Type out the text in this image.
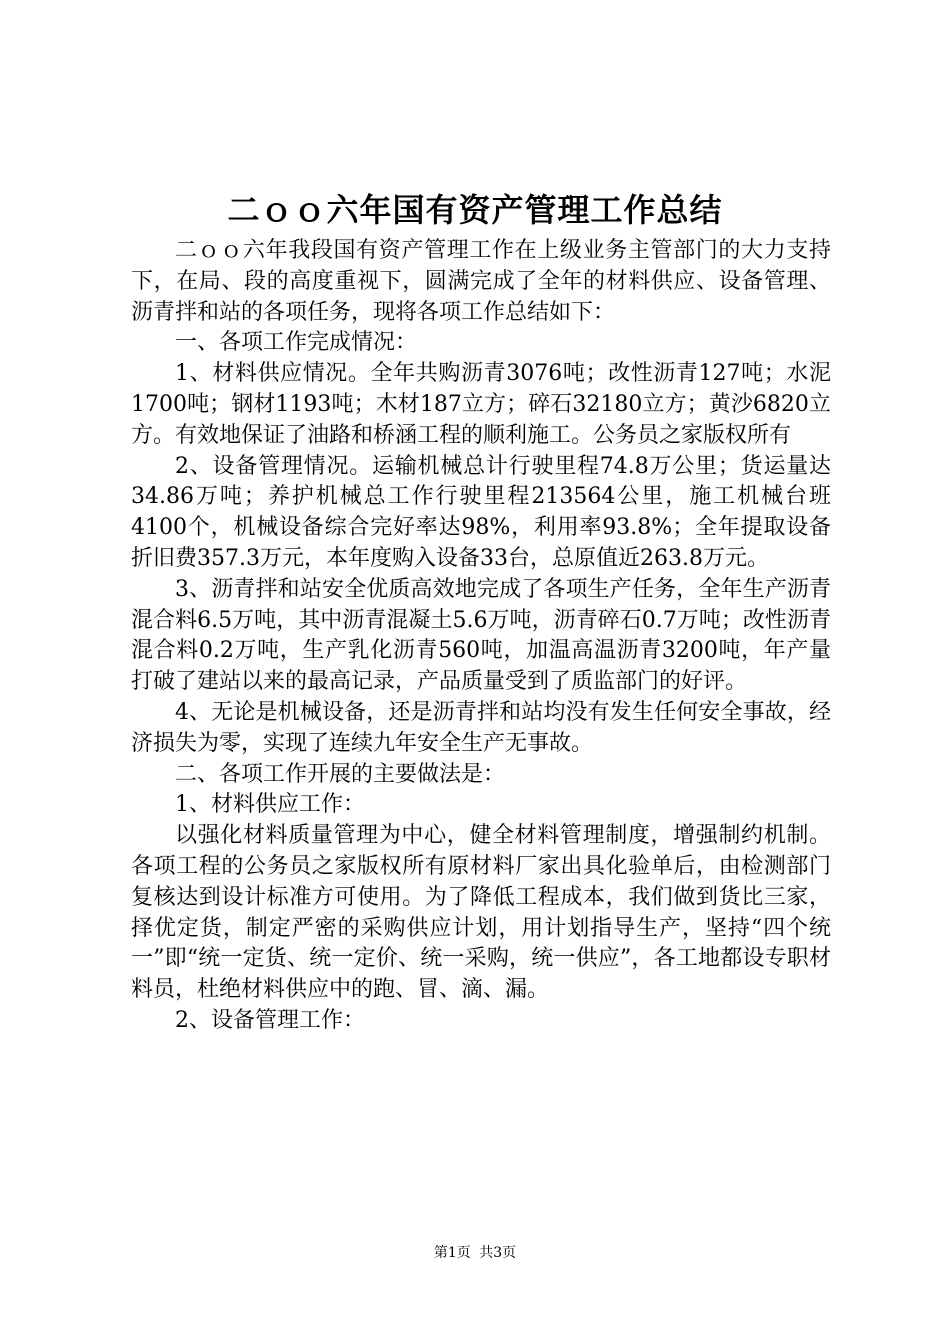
二ｏｏ六年国有资产管理工作总结

二ｏｏ六年我段国有资产管理工作在上级业务主管部门的大力支持下，在局、段的高度重视下，圆满完成了全年的材料供应、设备管理、沥青拌和站的各项任务，现将各项工作总结如下：

一、各项工作完成情况：

1、材料供应情况。全年共购沥青3076吨；改性沥青127吨；水泥1700吨；钢材1193吨；木材187立方；碎石32180立方；黄沙6820立方。有效地保证了油路和桥涵工程的顺利施工。公务员之家版权所有

2、设备管理情况。运输机械总计行驶里程74.8万公里；货运量达34.86万吨；养护机械总工作行驶里程213564公里，施工机械台班4100个，机械设备综合完好率达98%，利用率93.8%；全年提取设备折旧费357.3万元，本年度购入设备33台，总原值近263.8万元。

3、沥青拌和站安全优质高效地完成了各项生产任务，全年生产沥青混合料6.5万吨，其中沥青混凝土5.6万吨，沥青碎石0.7万吨；改性沥青混合料0.2万吨，生产乳化沥青560吨，加温高温沥青3200吨，年产量打破了建站以来的最高记录，产品质量受到了质监部门的好评。

4、无论是机械设备，还是沥青拌和站均没有发生任何安全事故，经济损失为零，实现了连续九年安全生产无事故。

二、各项工作开展的主要做法是：

1、材料供应工作：

以强化材料质量管理为中心，健全材料管理制度，增强制约机制。各项工程的公务员之家版权所有原材料厂家出具化验单后，由检测部门复核达到设计标准方可使用。为了降低工程成本，我们做到货比三家，择优定货，制定严密的采购供应计划，用计划指导生产，坚持“四个统一”即“统一定货、统一定价、统一采购，统一供应”，各工地都设专职材料员，杜绝材料供应中的跑、冒、滴、漏。

2、设备管理工作：

第1页 共3页
